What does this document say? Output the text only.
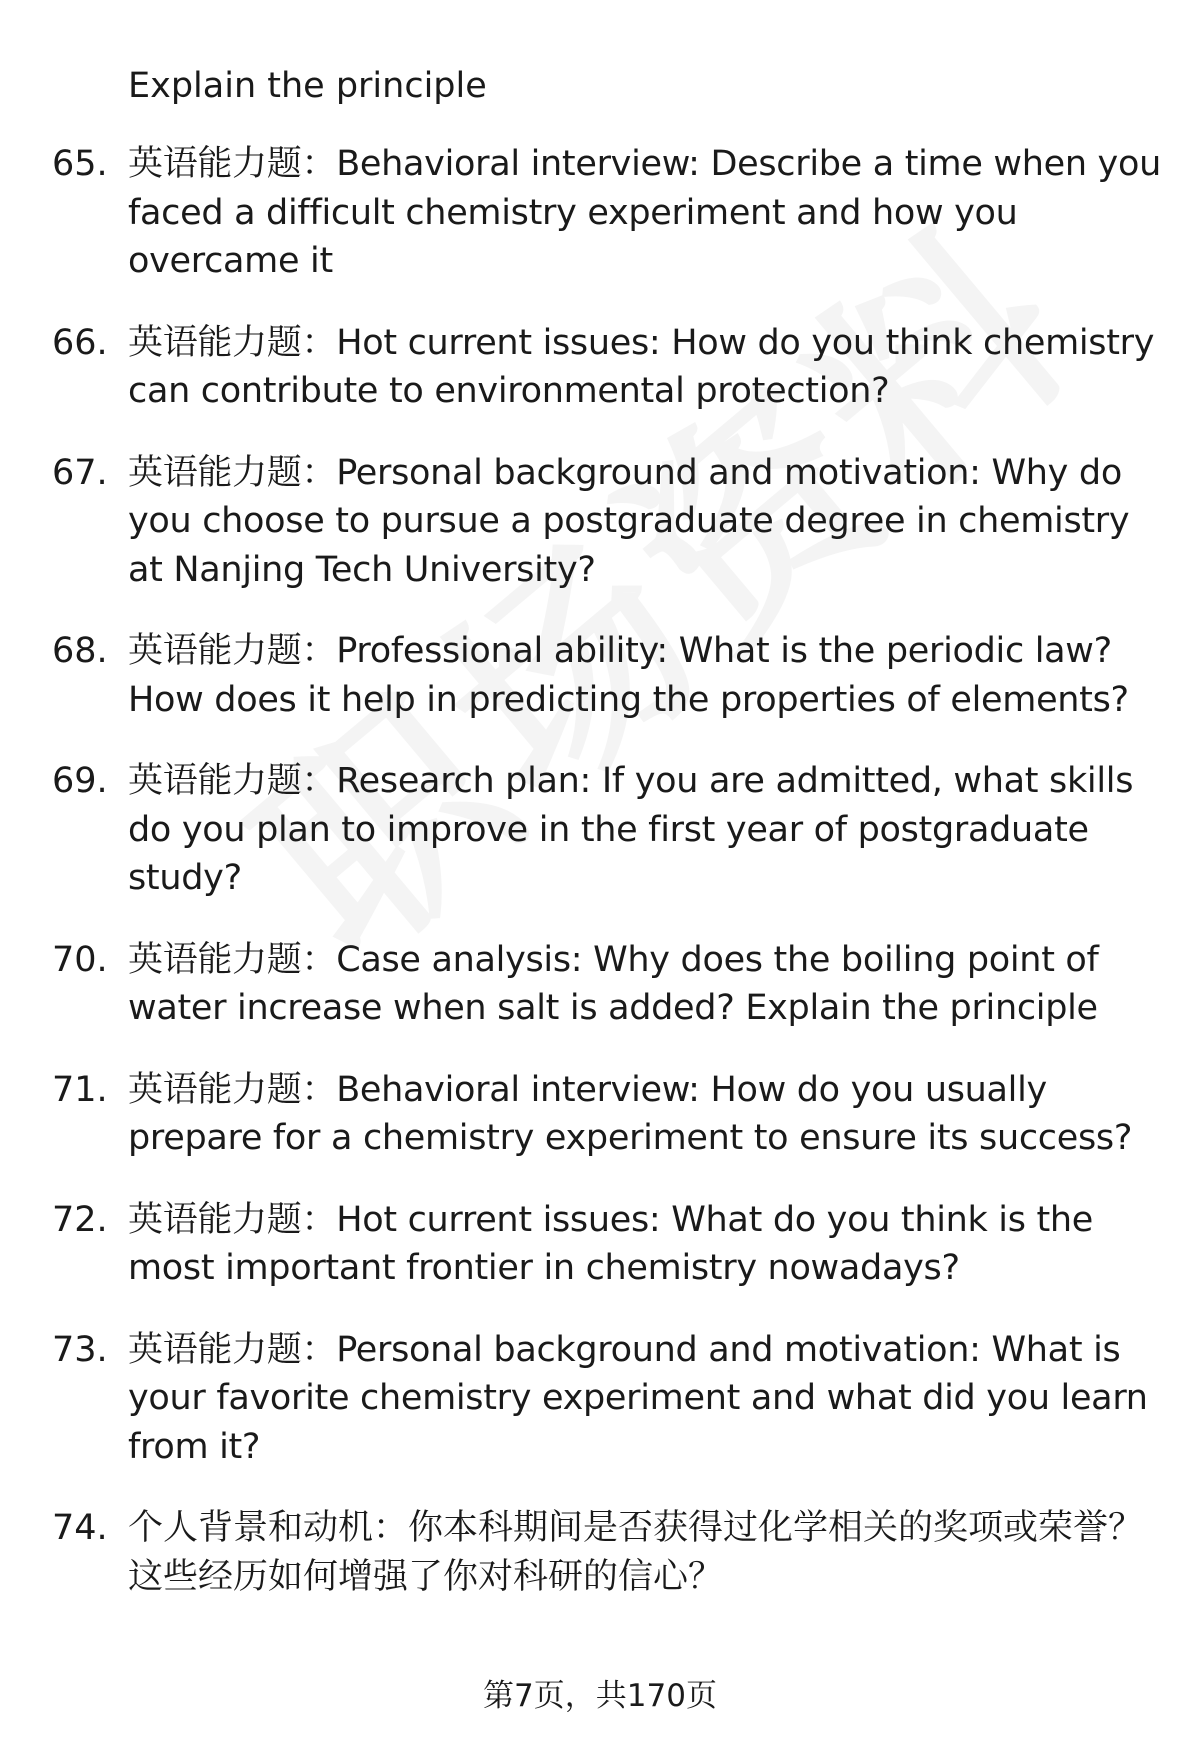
Explain the principle

65. 英语能力题：Behavioral interview: Describe a time when you faced a difficult chemistry experiment and how you overcame it
66. 英语能力题：Hot current issues: How do you think chemistry can contribute to environmental protection?
67. 英语能力题：Personal background and motivation: Why do you choose to pursue a postgraduate degree in chemistry at Nanjing Tech University?
68. 英语能力题：Professional ability: What is the periodic law? How does it help in predicting the properties of elements?
69. 英语能力题：Research plan: If you are admitted, what skills do you plan to improve in the first year of postgraduate study?
70. 英语能力题：Case analysis: Why does the boiling point of water increase when salt is added? Explain the principle
71. 英语能力题：Behavioral interview: How do you usually prepare for a chemistry experiment to ensure its success?
72. 英语能力题：Hot current issues: What do you think is the most important frontier in chemistry nowadays?
73. 英语能力题：Personal background and motivation: What is your favorite chemistry experiment and what did you learn from it?
74. 个人背景和动机：你本科期间是否获得过化学相关的奖项或荣誉？这些经历如何增强了你对科研的信心？
第7页，共170页
